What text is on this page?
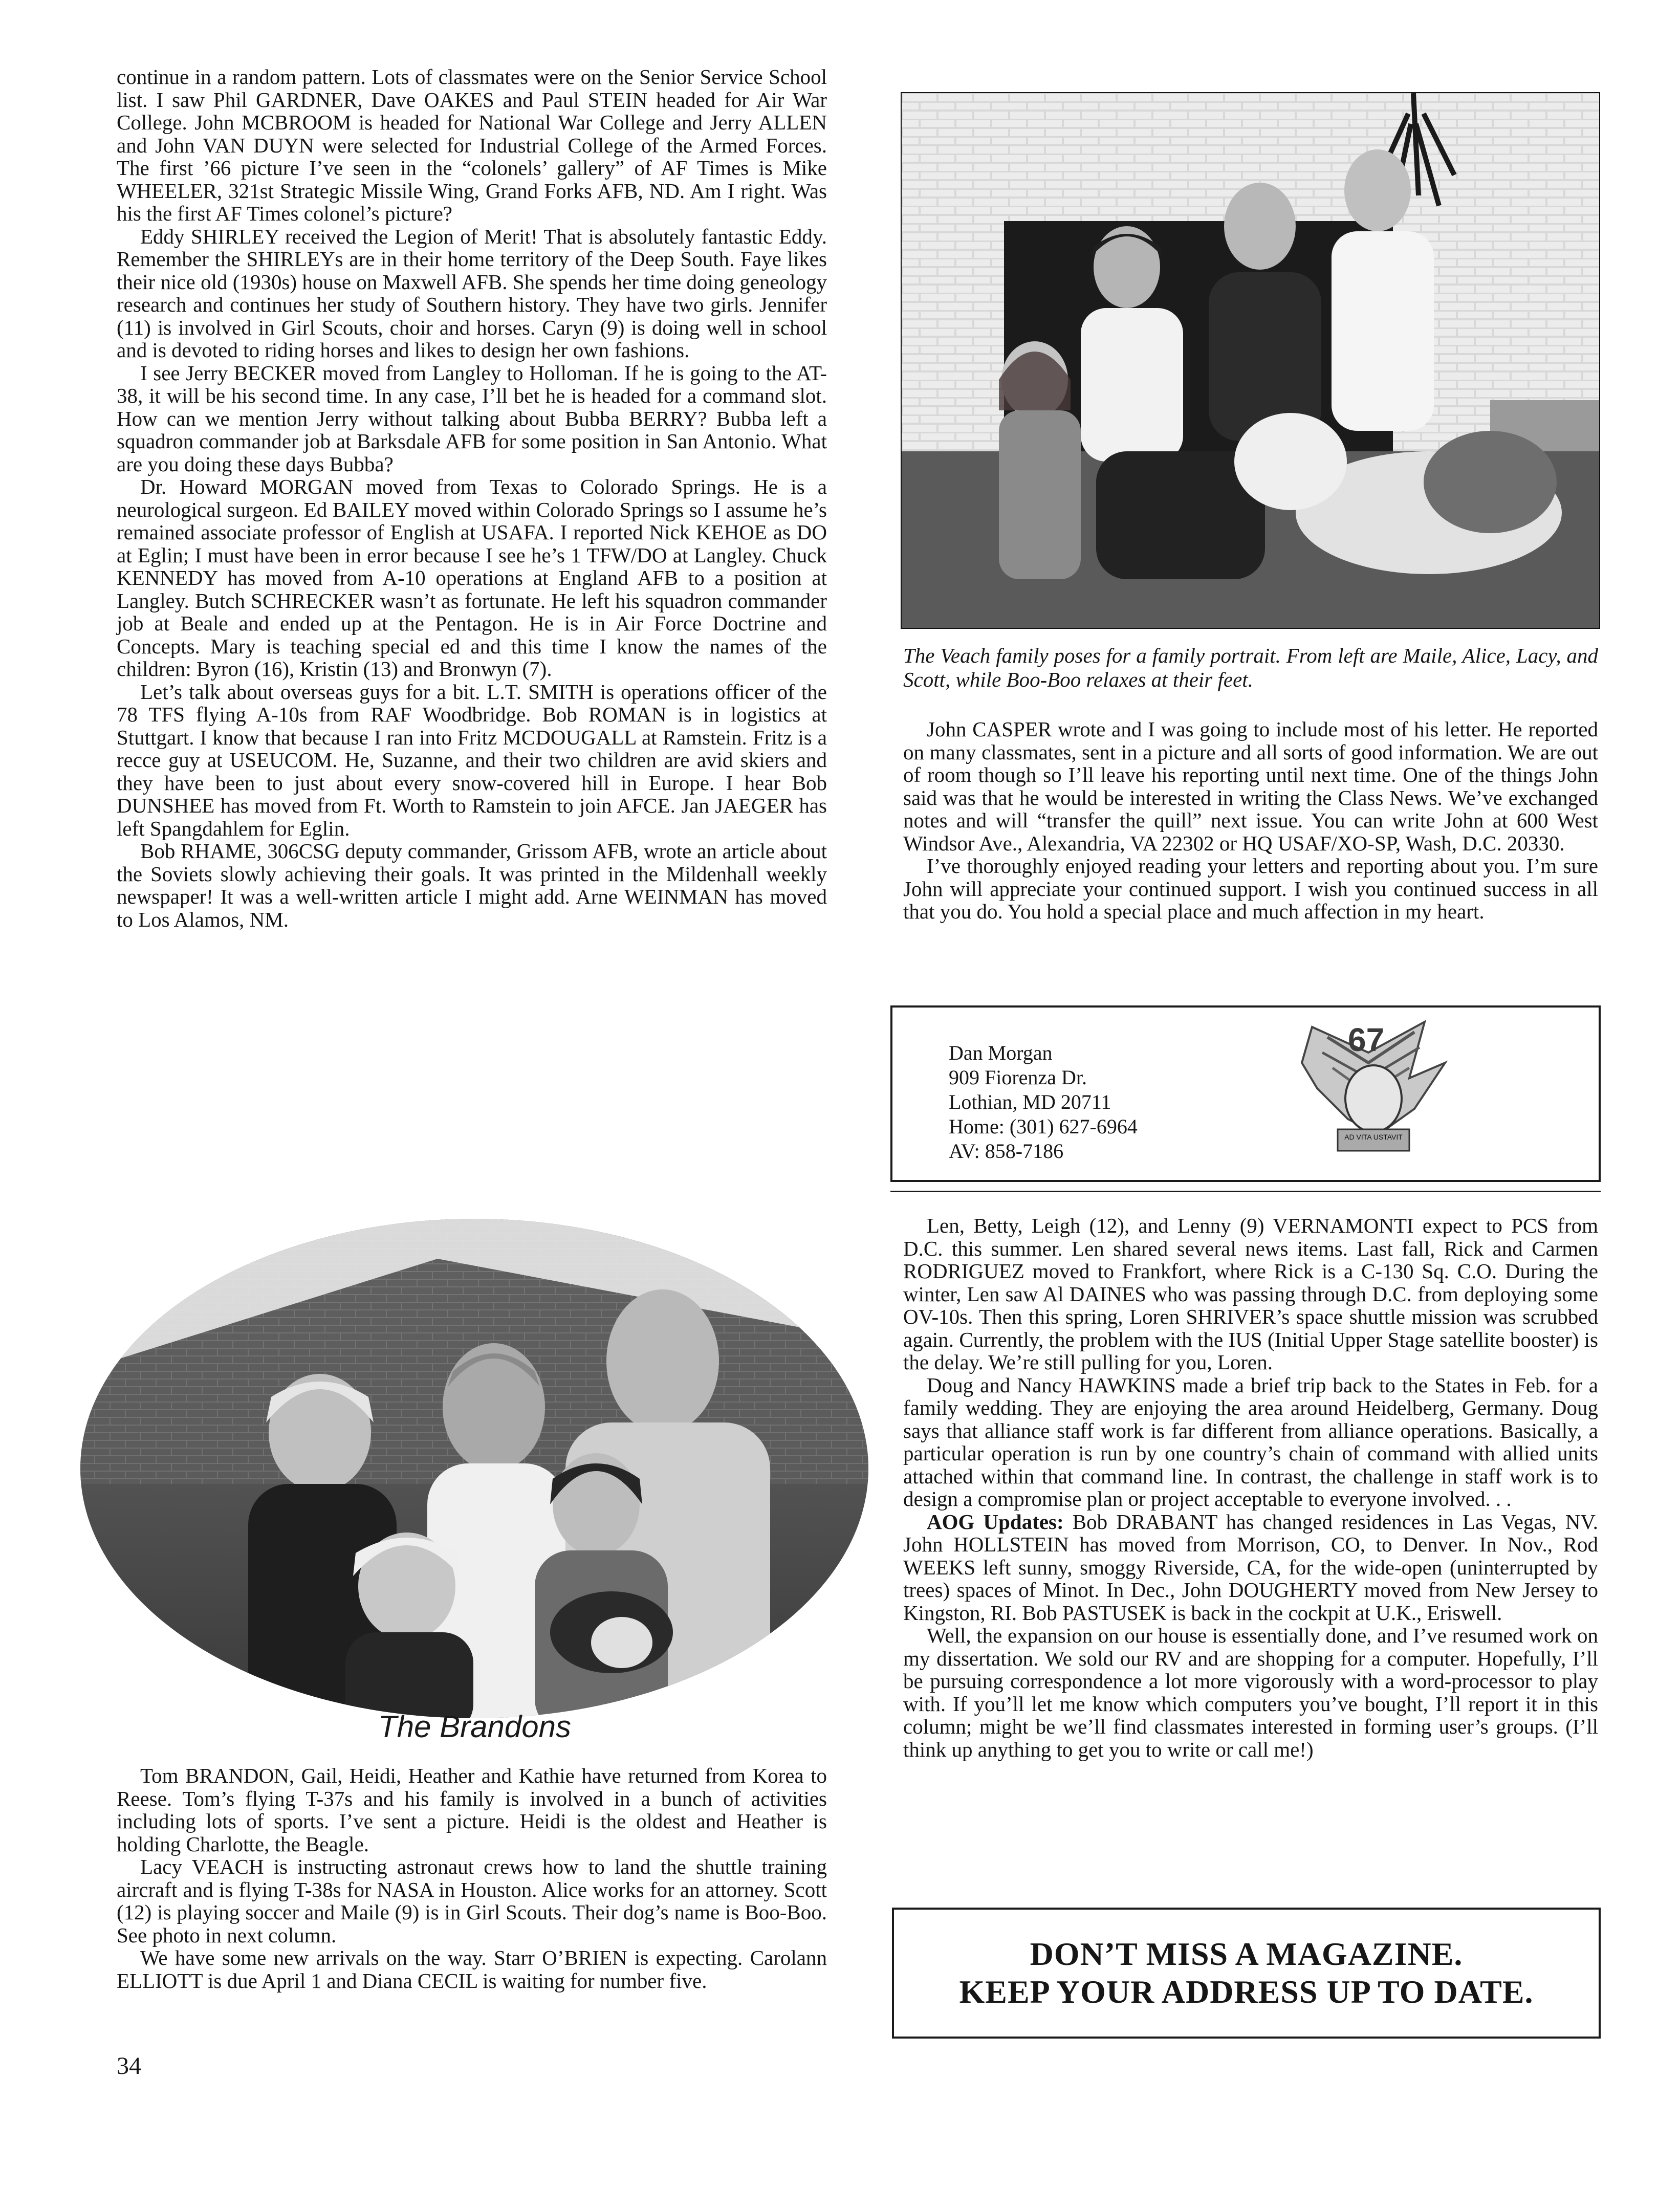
continue in a random pattern. Lots of classmates were on the Senior Service School list. I saw Phil GARDNER, Dave OAKES and Paul STEIN headed for Air War College. John MCBROOM is headed for National War College and Jerry ALLEN and John VAN DUYN were selected for Industrial College of the Armed Forces. The first ’66 picture I’ve seen in the “colonels’ gallery” of AF Times is Mike WHEELER, 321st Strategic Missile Wing, Grand Forks AFB, ND. Am I right. Was his the first AF Times colonel’s picture?

Eddy SHIRLEY received the Legion of Merit! That is absolutely fantastic Eddy. Remember the SHIRLEYs are in their home territory of the Deep South. Faye likes their nice old (1930s) house on Maxwell AFB. She spends her time doing geneology research and continues her study of Southern history. They have two girls. Jennifer (11) is involved in Girl Scouts, choir and horses. Caryn (9) is doing well in school and is devoted to riding horses and likes to design her own fashions.

I see Jerry BECKER moved from Langley to Holloman. If he is going to the AT-38, it will be his second time. In any case, I’ll bet he is headed for a command slot. How can we mention Jerry without talking about Bubba BERRY? Bubba left a squadron commander job at Barksdale AFB for some position in San Antonio. What are you doing these days Bubba?

Dr. Howard MORGAN moved from Texas to Colorado Springs. He is a neurological surgeon. Ed BAILEY moved within Colorado Springs so I assume he’s remained associate professor of English at USAFA. I reported Nick KEHOE as DO at Eglin; I must have been in error because I see he’s 1 TFW/DO at Langley. Chuck KENNEDY has moved from A-10 operations at England AFB to a position at Langley. Butch SCHRECKER wasn’t as fortunate. He left his squadron commander job at Beale and ended up at the Pentagon. He is in Air Force Doctrine and Concepts. Mary is teaching special ed and this time I know the names of the children: Byron (16), Kristin (13) and Bronwyn (7).

Let’s talk about overseas guys for a bit. L.T. SMITH is operations officer of the 78 TFS flying A-10s from RAF Woodbridge. Bob ROMAN is in logistics at Stuttgart. I know that because I ran into Fritz MCDOUGALL at Ramstein. Fritz is a recce guy at USEUCOM. He, Suzanne, and their two children are avid skiers and they have been to just about every snow-covered hill in Europe. I hear Bob DUNSHEE has moved from Ft. Worth to Ramstein to join AFCE. Jan JAEGER has left Spangdahlem for Eglin.

Bob RHAME, 306CSG deputy commander, Grissom AFB, wrote an article about the Soviets slowly achieving their goals. It was printed in the Mildenhall weekly newspaper! It was a well-written article I might add. Arne WEINMAN has moved to Los Alamos, NM.

The Brandons

Tom BRANDON, Gail, Heidi, Heather and Kathie have returned from Korea to Reese. Tom’s flying T-37s and his family is involved in a bunch of activities including lots of sports. I’ve sent a picture. Heidi is the oldest and Heather is holding Charlotte, the Beagle.

Lacy VEACH is instructing astronaut crews how to land the shuttle training aircraft and is flying T-38s for NASA in Houston. Alice works for an attorney. Scott (12) is playing soccer and Maile (9) is in Girl Scouts. Their dog’s name is Boo-Boo. See photo in next column.

We have some new arrivals on the way. Starr O’BRIEN is expecting. Carolann ELLIOTT is due April 1 and Diana CECIL is waiting for number five.

34
The Veach family poses for a family portrait. From left are Maile, Alice, Lacy, and Scott, while Boo-Boo relaxes at their feet.

John CASPER wrote and I was going to include most of his letter. He reported on many classmates, sent in a picture and all sorts of good information. We are out of room though so I’ll leave his reporting until next time. One of the things John said was that he would be interested in writing the Class News. We’ve exchanged notes and will “transfer the quill” next issue. You can write John at 600 West Windsor Ave., Alexandria, VA 22302 or HQ USAF/XO-SP, Wash, D.C. 20330.

I’ve thoroughly enjoyed reading your letters and reporting about you. I’m sure John will appreciate your continued support. I wish you continued success in all that you do. You hold a special place and much affection in my heart.

Dan Morgan

909 Fiorenza Dr.

Lothian, MD 20711

Home: (301) 627-6964

AV: 858-7186

67
AD VITA USTAVIT

Len, Betty, Leigh (12), and Lenny (9) VERNAMONTI expect to PCS from D.C. this summer. Len shared several news items. Last fall, Rick and Carmen RODRIGUEZ moved to Frankfort, where Rick is a C-130 Sq. C.O. During the winter, Len saw Al DAINES who was passing through D.C. from deploying some OV-10s. Then this spring, Loren SHRIVER’s space shuttle mission was scrubbed again. Currently, the problem with the IUS (Initial Upper Stage satellite booster) is the delay. We’re still pulling for you, Loren.

Doug and Nancy HAWKINS made a brief trip back to the States in Feb. for a family wedding. They are enjoying the area around Heidelberg, Germany. Doug says that alliance staff work is far different from alliance operations. Basically, a particular operation is run by one country’s chain of command with allied units attached within that command line. In contrast, the challenge in staff work is to design a compromise plan or project acceptable to everyone involved. . .

AOG Updates: Bob DRABANT has changed residences in Las Vegas, NV. John HOLLSTEIN has moved from Morrison, CO, to Denver. In Nov., Rod WEEKS left sunny, smoggy Riverside, CA, for the wide-open (uninterrupted by trees) spaces of Minot. In Dec., John DOUGHERTY moved from New Jersey to Kingston, RI. Bob PASTUSEK is back in the cockpit at U.K., Eriswell.

Well, the expansion on our house is essentially done, and I’ve resumed work on my dissertation. We sold our RV and are shopping for a computer. Hopefully, I’ll be pursuing correspondence a lot more vigorously with a word-processor to play with. If you’ll let me know which computers you’ve bought, I’ll report it in this column; might be we’ll find classmates interested in forming user’s groups. (I’ll think up anything to get you to write or call me!)

DON’T MISS A MAGAZINE.
KEEP YOUR ADDRESS UP TO DATE.
